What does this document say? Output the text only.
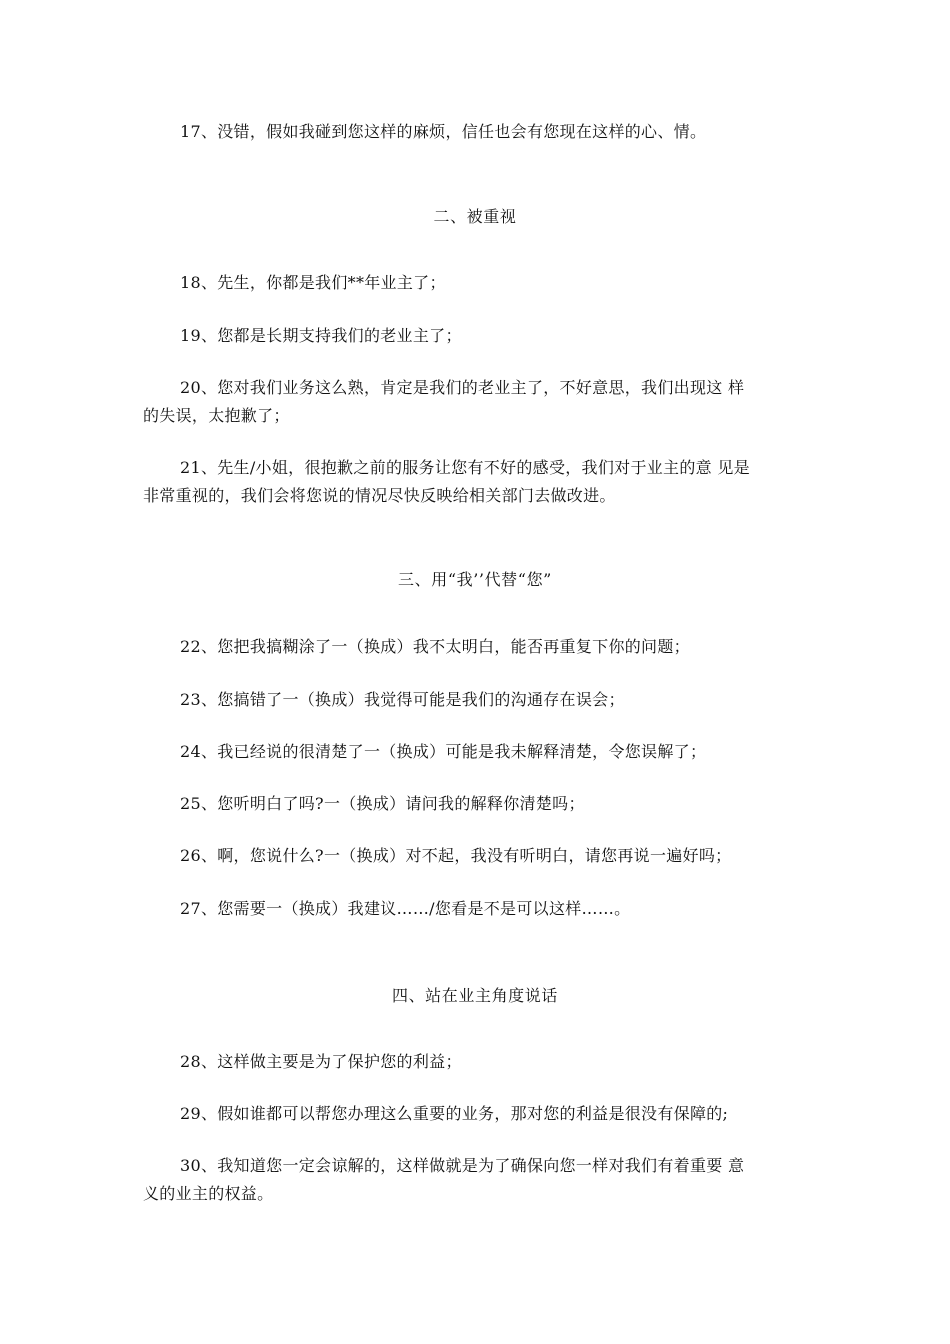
17、没错，假如我碰到您这样的麻烦，信任也会有您现在这样的心、情。
二、被重视
18、先生，你都是我们**年业主了；
19、您都是长期支持我们的老业主了；
20、您对我们业务这么熟，肯定是我们的老业主了，不好意思，我们出现这 样
的失误，太抱歉了；
21、先生/小姐，很抱歉之前的服务让您有不好的感受，我们对于业主的意 见是
非常重视的，我们会将您说的情况尽快反映给相关部门去做改进。
三、用“我’’代替“您”
22、您把我搞糊涂了一（换成）我不太明白，能否再重复下你的问题；
23、您搞错了一（换成）我觉得可能是我们的沟通存在误会；
24、我已经说的很清楚了一（换成）可能是我未解释清楚，令您误解了；
25、您听明白了吗?一（换成）请问我的解释你清楚吗；
26、啊，您说什么?一（换成）对不起，我没有听明白，请您再说一遍好吗；
27、您需要一（换成）我建议……/您看是不是可以这样……。
四、站在业主角度说话
28、这样做主要是为了保护您的利益；
29、假如谁都可以帮您办理这么重要的业务，那对您的利益是很没有保障的;
30、我知道您一定会谅解的，这样做就是为了确保向您一样对我们有着重要 意
义的业主的权益。
